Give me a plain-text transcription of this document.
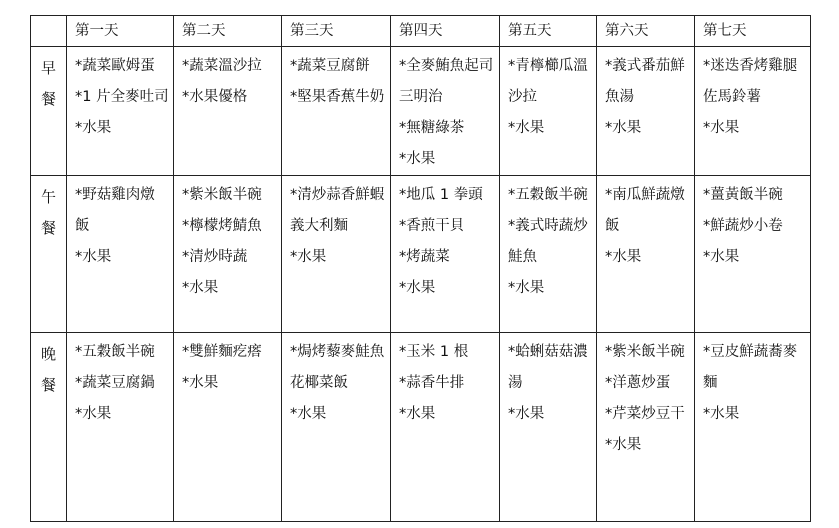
	第一天	第二天	第三天	第四天	第五天	第六天	第七天

早
餐	*蔬菜歐姆蛋
*1 片全麥吐司
*水果	*蔬菜溫沙拉
*水果優格	*蔬菜豆腐餅
*堅果香蕉牛奶	*全麥鮪魚起司三明治
*無糖綠茶
*水果	*青檸櫛瓜溫沙拉
*水果	*義式番茄鮮魚湯
*水果	*迷迭香烤雞腿佐馬鈴薯
*水果

午
餐	*野菇雞肉燉飯
*水果	*紫米飯半碗
*檸檬烤鯖魚
*清炒時蔬
*水果	*清炒蒜香鮮蝦義大利麵
*水果	*地瓜 1 拳頭
*香煎干貝
*烤蔬菜
*水果	*五穀飯半碗
*義式時蔬炒鮭魚
*水果	*南瓜鮮蔬燉飯
*水果	*薑黃飯半碗
*鮮蔬炒小卷
*水果

晚
餐	*五穀飯半碗
*蔬菜豆腐鍋
*水果	*雙鮮麵疙瘩
*水果	*焗烤藜麥鮭魚花椰菜飯
*水果	*玉米 1 根
*蒜香牛排
*水果	*蛤蜊菇菇濃湯
*水果	*紫米飯半碗
*洋蔥炒蛋
*芹菜炒豆干
*水果	*豆皮鮮蔬蕎麥麵
*水果
